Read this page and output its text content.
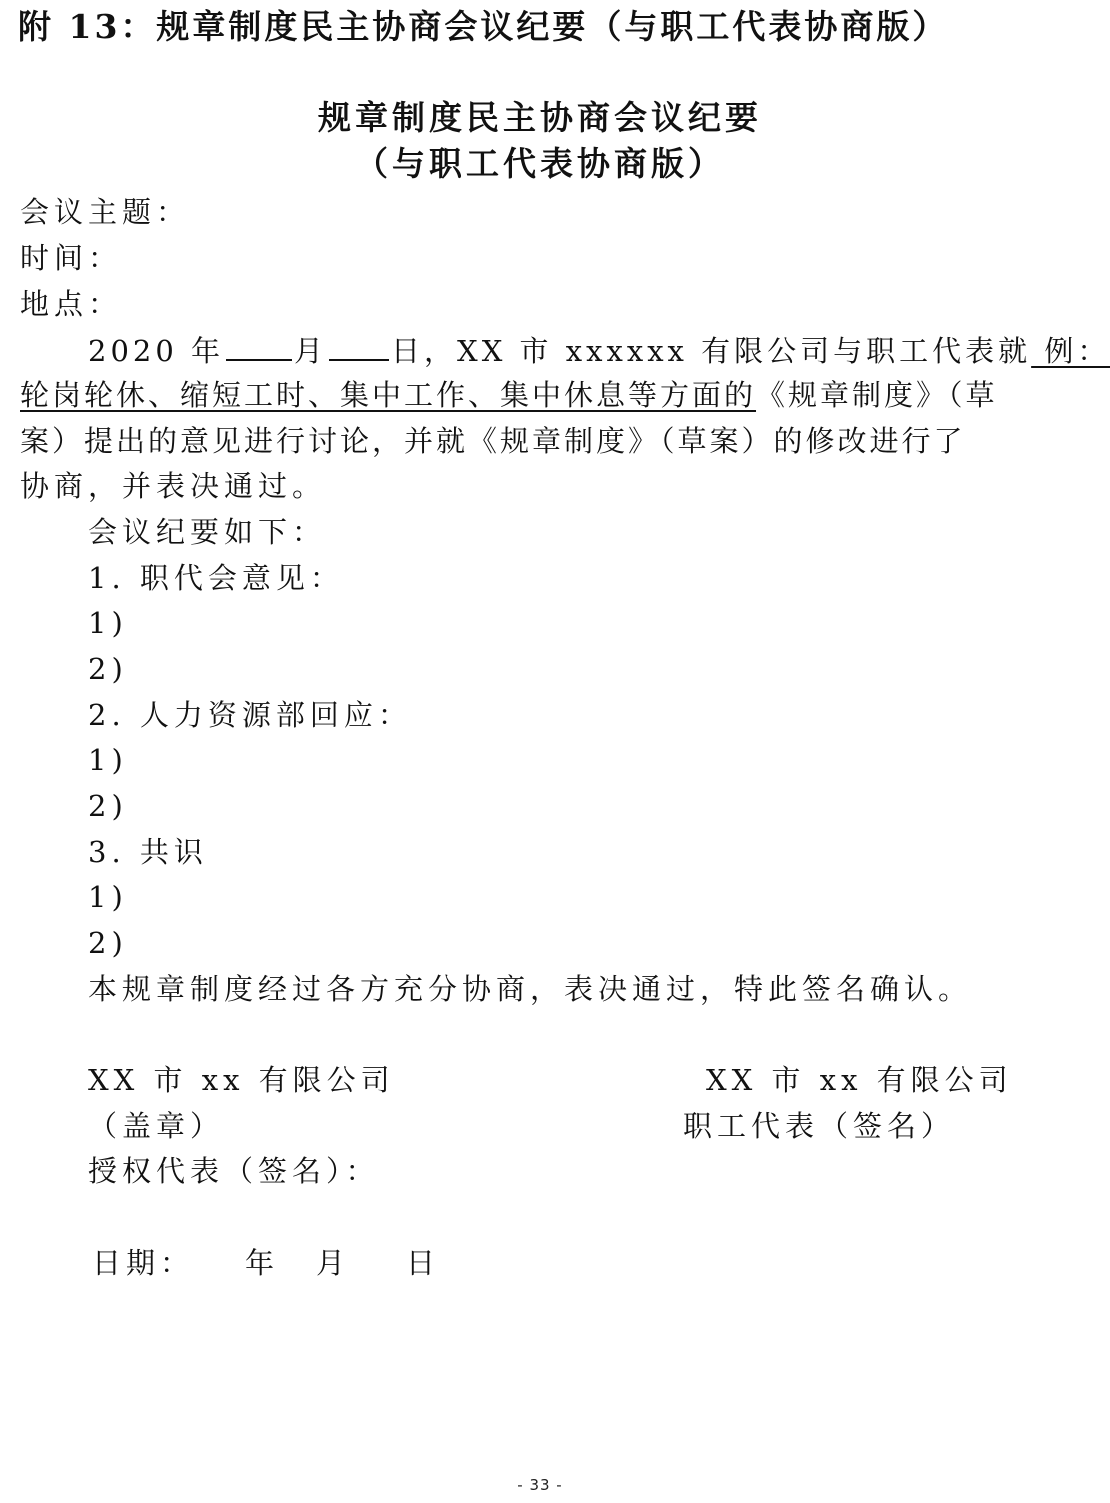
附 13：规章制度民主协商会议纪要（与职工代表协商版）
规章制度民主协商会议纪要
（与职工代表协商版）
会议主题：
时间：
地点：
2020 年 月 日，XX 市 xxxxxx 有限公司与职工代表就 例：
轮岗轮休、缩短工时、集中工作、集中休息等方面的《规章制度》（草
案）提出的意见进行讨论，并就《规章制度》（草案）的修改进行了
协商，并表决通过。
会议纪要如下：
1. 职代会意见：
1)
2)
2. 人力资源部回应：
1)
2)
3. 共识
1)
2)
本规章制度经过各方充分协商，表决通过，特此签名确认。
XX 市 xx 有限公司
（盖章）
授权代表（签名）：
XX 市 xx 有限公司
职工代表（签名）
日期： 年 月 日
- 33 -
